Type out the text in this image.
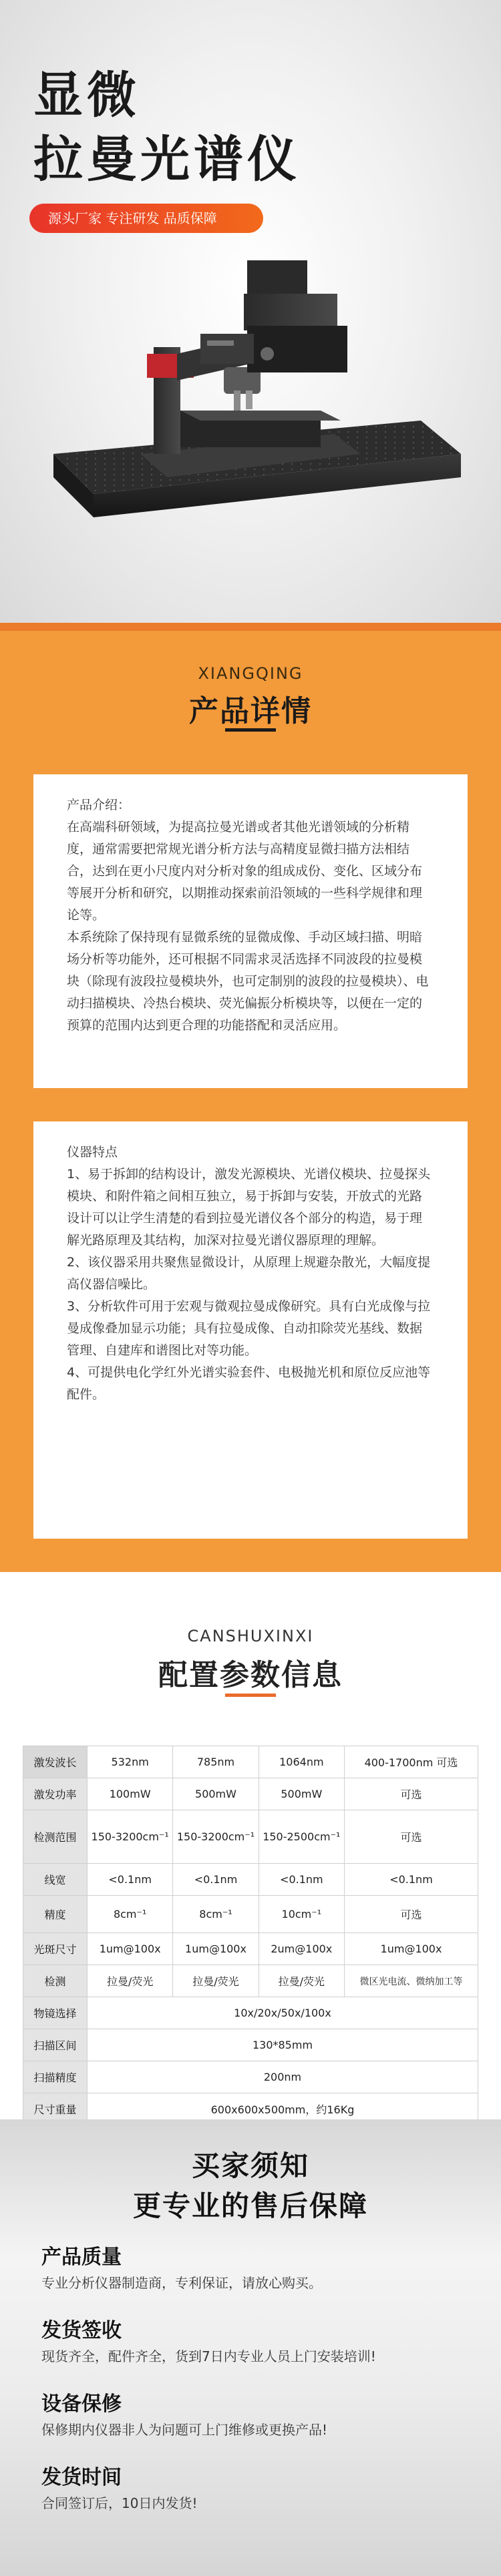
显微
拉曼光谱仪
源头厂家 专注研发 品质保障
XIANGQING
产品详情

产品介绍：

在高端科研领域，为提高拉曼光谱或者其他光谱领域的分析精度，通常需要把常规光谱分析方法与高精度显微扫描方法相结合，达到在更小尺度内对分析对象的组成成份、变化、区域分布等展开分析和研究，以期推动探索前沿领域的一些科学规律和理论等。

本系统除了保持现有显微系统的显微成像、手动区域扫描、明暗场分析等功能外，还可根据不同需求灵活选择不同波段的拉曼模块（除现有波段拉曼模块外，也可定制别的波段的拉曼模块）、电动扫描模块、冷热台模块、荧光偏振分析模块等，以便在一定的预算的范围内达到更合理的功能搭配和灵活应用。

仪器特点

1、易于拆卸的结构设计，激发光源模块、光谱仪模块、拉曼探头模块、和附件箱之间相互独立，易于拆卸与安装，开放式的光路设计可以让学生清楚的看到拉曼光谱仪各个部分的构造，易于理解光路原理及其结构，加深对拉曼光谱仪器原理的理解。

2、该仪器采用共聚焦显微设计，从原理上规避杂散光，大幅度提高仪器信噪比。

3、分析软件可用于宏观与微观拉曼成像研究。具有白光成像与拉曼成像叠加显示功能；具有拉曼成像、自动扣除荧光基线、数据管理、自建库和谱图比对等功能。

4、可提供电化学红外光谱实验套件、电极抛光机和原位反应池等配件。

CANSHUXINXI
配置参数信息
激发波长	532nm	785nm	1064nm	400-1700nm 可选
激发功率	100mW	500mW	500mW	可选
检测范围	150-3200cm⁻¹	150-3200cm⁻¹	150-2500cm⁻¹	可选
线宽	<0.1nm	<0.1nm	<0.1nm	<0.1nm
精度	8cm⁻¹	8cm⁻¹	10cm⁻¹	可选
光斑尺寸	1um@100x	1um@100x	2um@100x	1um@100x
检测	拉曼/荧光	拉曼/荧光	拉曼/荧光	微区光电流、微纳加工等
物镜选择	10x/20x/50x/100x			
扫描区间	130*85mm			
扫描精度	200nm			
尺寸重量	600x600x500mm，约16Kg			
买家须知
更专业的售后保障
产品质量

专业分析仪器制造商，专利保证，请放心购买。

发货签收

现货齐全，配件齐全，货到7日内专业人员上门安装培训!

设备保修

保修期内仪器非人为问题可上门维修或更换产品!

发货时间

合同签订后，10日内发货!
